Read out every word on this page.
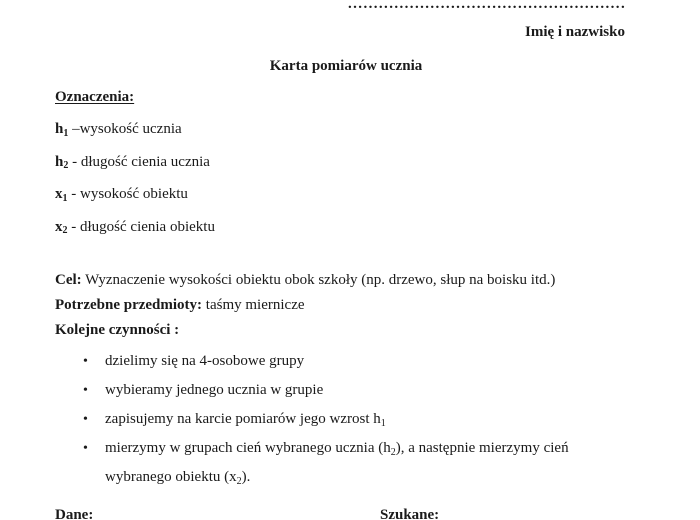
......................................................
Imię i nazwisko
Karta pomiarów ucznia
Oznaczenia:
$h_1$ –wysokość ucznia
$h_2$ - długość cienia ucznia
$x_1$ - wysokość obiektu
$x_2$ - długość cienia obiektu
Cel: Wyznaczenie wysokości obiektu obok szkoły (np. drzewo, słup na boisku itd.)
Potrzebne przedmioty: taśmy miernicze
Kolejne czynności :
• dzielimy się na 4-osobowe grupy
• wybieramy jednego ucznia w grupie
• zapisujemy na karcie pomiarów jego wzrost $h_1$
• mierzymy w grupach cień wybranego ucznia $(h_2)$, a następnie mierzymy cień
wybranego obiektu $(x_2)$.
Dane:	Szukane:
